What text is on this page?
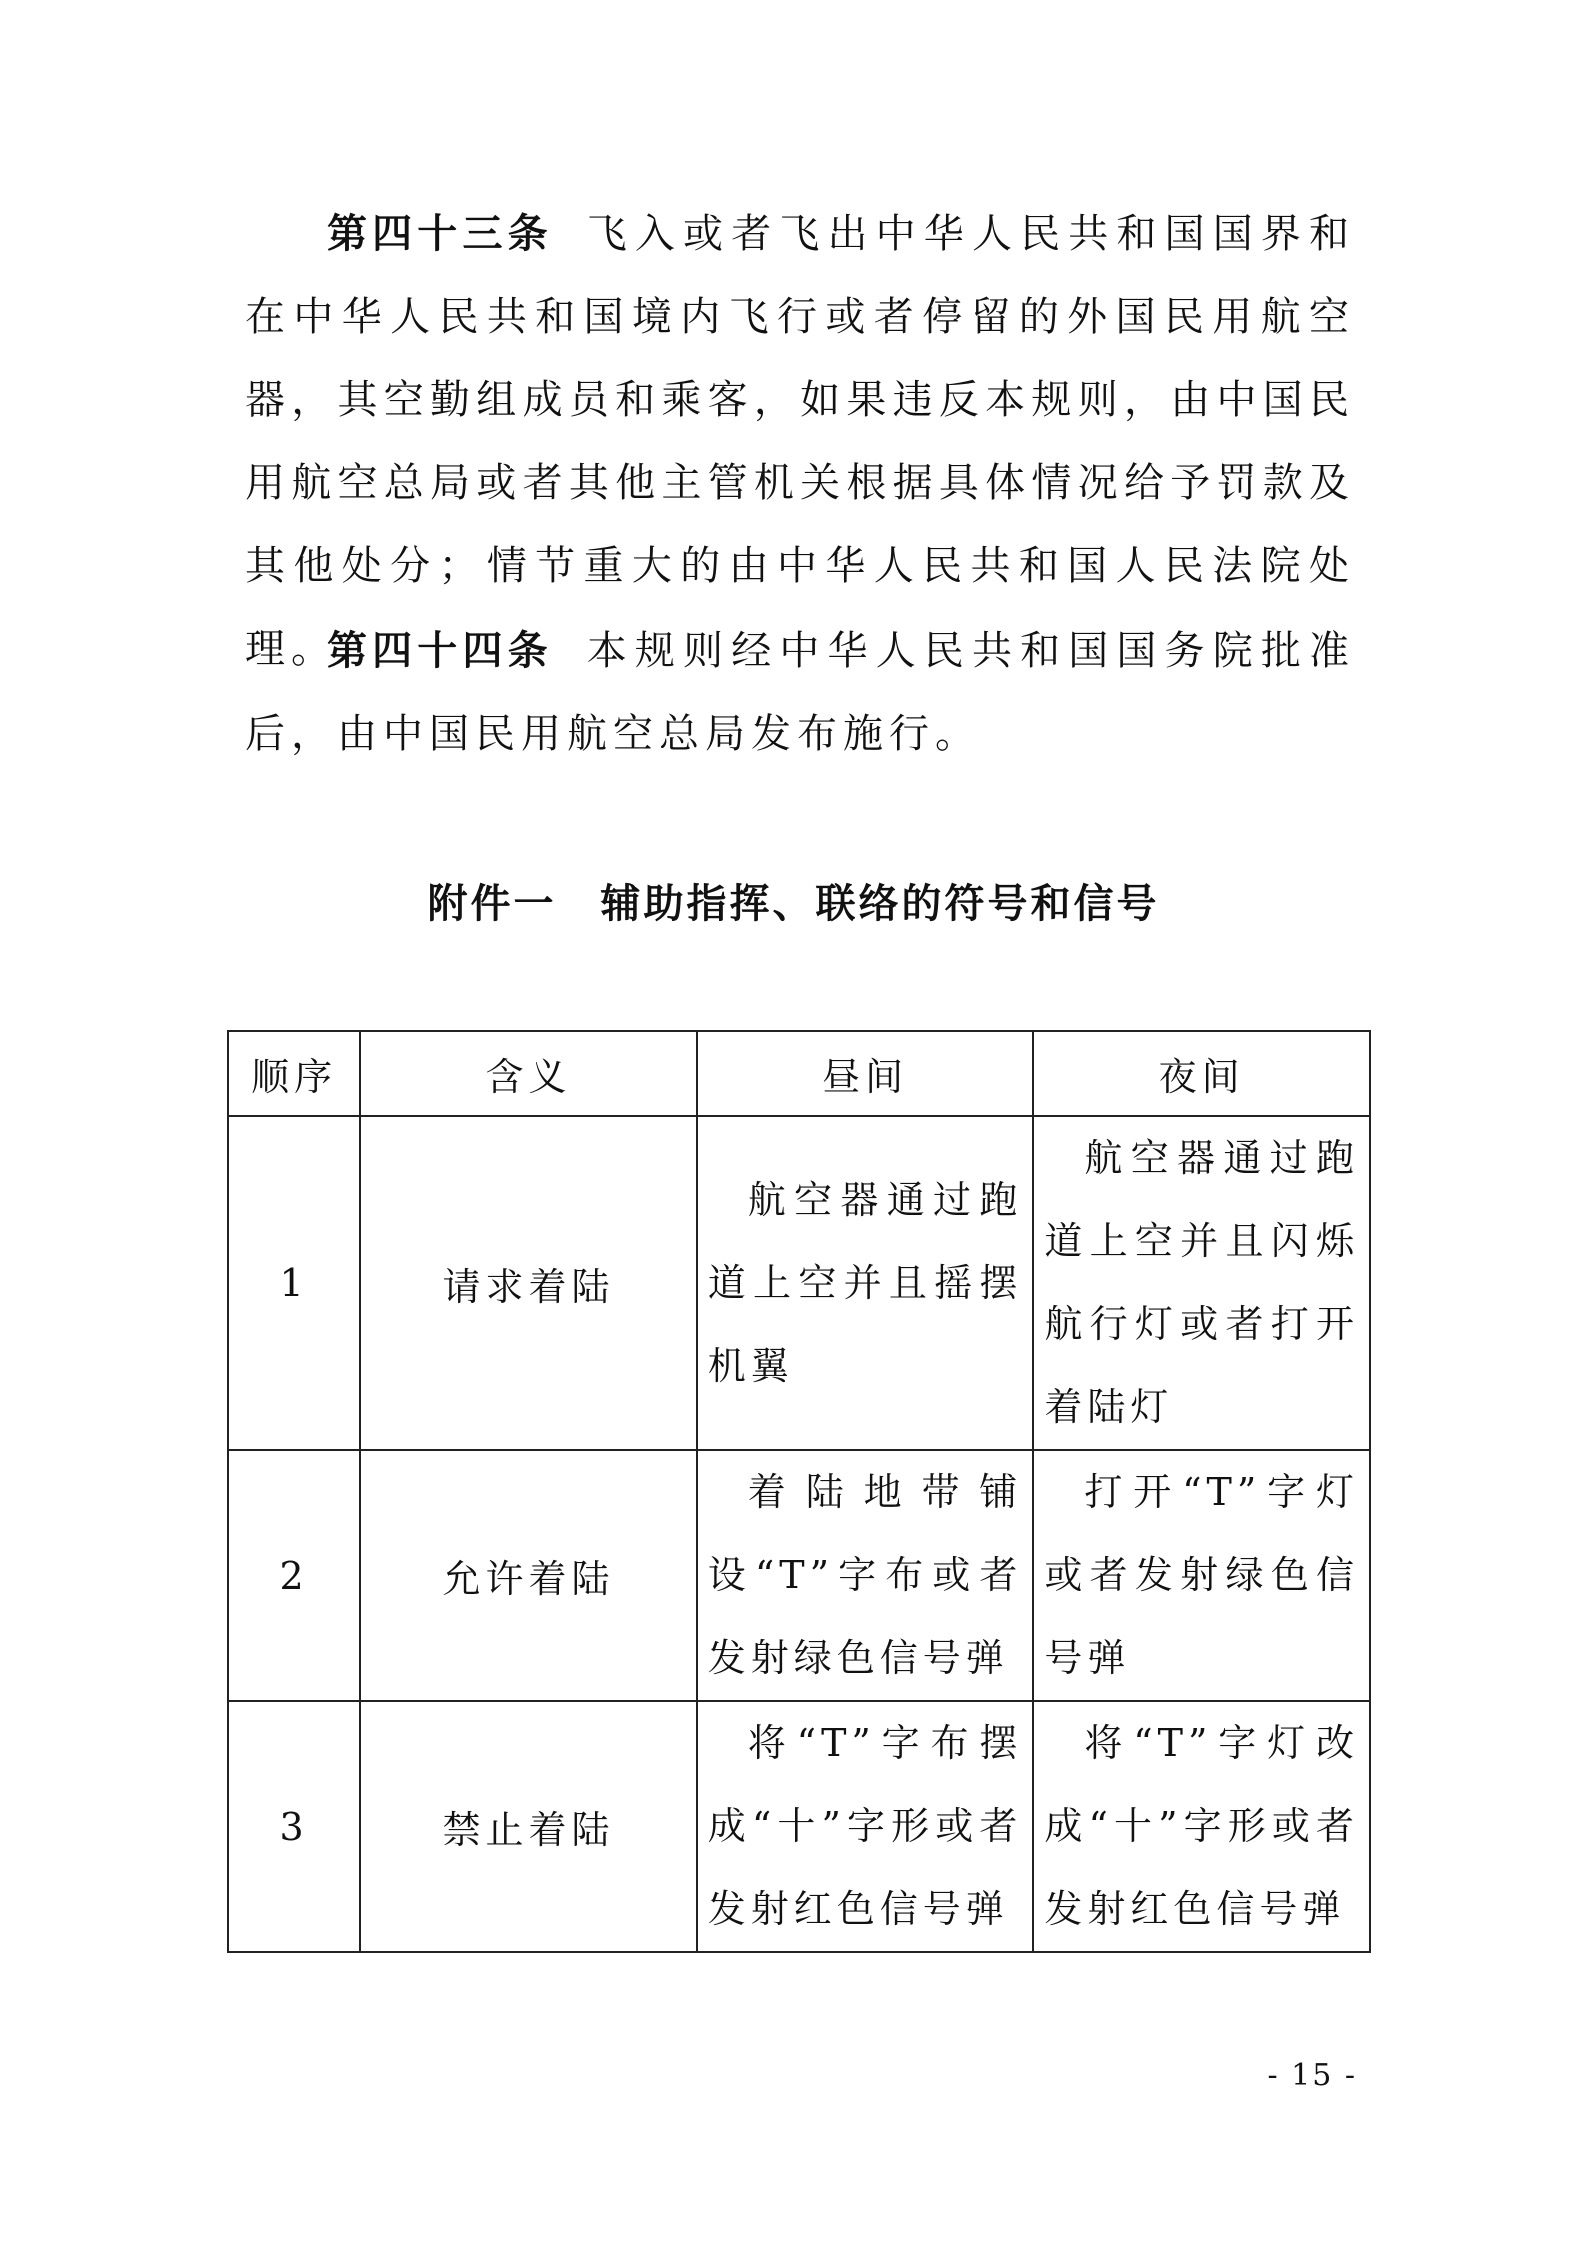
第四十三条 飞入或者飞出中华人民共和国国界和在中华人民共和国境内飞行或者停留的外国民用航空器，其空勤组成员和乘客，如果违反本规则，由中国民用航空总局或者其他主管机关根据具体情况给予罚款及其他处分；情节重大的由中华人民共和国人民法院处理。

第四十四条 本规则经中华人民共和国国务院批准后，由中国民用航空总局发布施行。

附件一 辅助指挥、联络的符号和信号
顺序	含义	昼间	夜间
1	请求着陆	航空器通过跑道上空并且摇摆机翼	航空器通过跑道上空并且闪烁航行灯或者打开着陆灯
2	允许着陆	着陆地带铺设“T”字布或者发射绿色信号弹	打开“T”字灯或者发射绿色信号弹
3	禁止着陆	将“T”字布摆成“十”字形或者发射红色信号弹	将“T”字灯改成“十”字形或者发射红色信号弹
- 15 -
